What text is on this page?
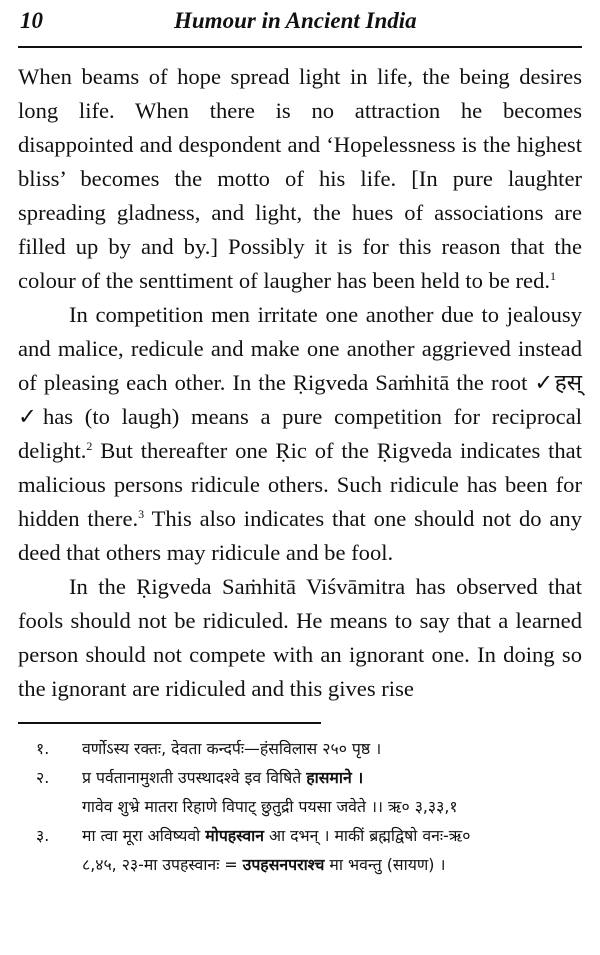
10	Humour in Ancient India

When beams of hope spread light in life, the being desires long life. When there is no attraction he becomes disappointed and despondent and ‘Hopelessness is the highest bliss’ becomes the motto of his life. [In pure laughter spreading gladness, and light, the hues of associations are filled up by and by.] Possibly it is for this reason that the colour of the senttiment of laugher has been held to be red.$^1$

In competition men irritate one another due to jealousy and malice, redicule and make one another aggrieved instead of pleasing each other. In the Ṛigveda Saṁhitā the root ✓हस् ✓has (to laugh) means a pure competition for reciprocal delight.$^2$ But thereafter one Ṛic of the Ṛigveda indicates that malicious persons ridicule others. Such ridicule has been for hidden there.$^3$ This also indicates that one should not do any deed that others may ridicule and be fool.

In the Ṛigveda Saṁhitā Viśvāmitra has observed that fools should not be ridiculed. He means to say that a learned person should not compete with an ignorant one. In doing so the ignorant are ridiculed and this gives rise

१.	वर्णोऽस्य रक्तः, देवता कन्दर्पः—हंसविलास २५० पृष्ठ ।
२.	प्र पर्वतानामुशती उपस्थादश्वे इव विषिते हासमाने ।
गावेव शुभ्रे मातरा रिहाणे विपाट् छुतुद्री पयसा जवेते ।। ऋ० ३,३३,१
३.	मा त्वा मूरा अविष्यवो मोपहस्वान आ दभन् । माकीं ब्रह्मद्विषो वनः-ऋ०
८,४५, २३-मा उपहस्वानः = उपहसनपराश्च मा भवन्तु (सायण) ।
